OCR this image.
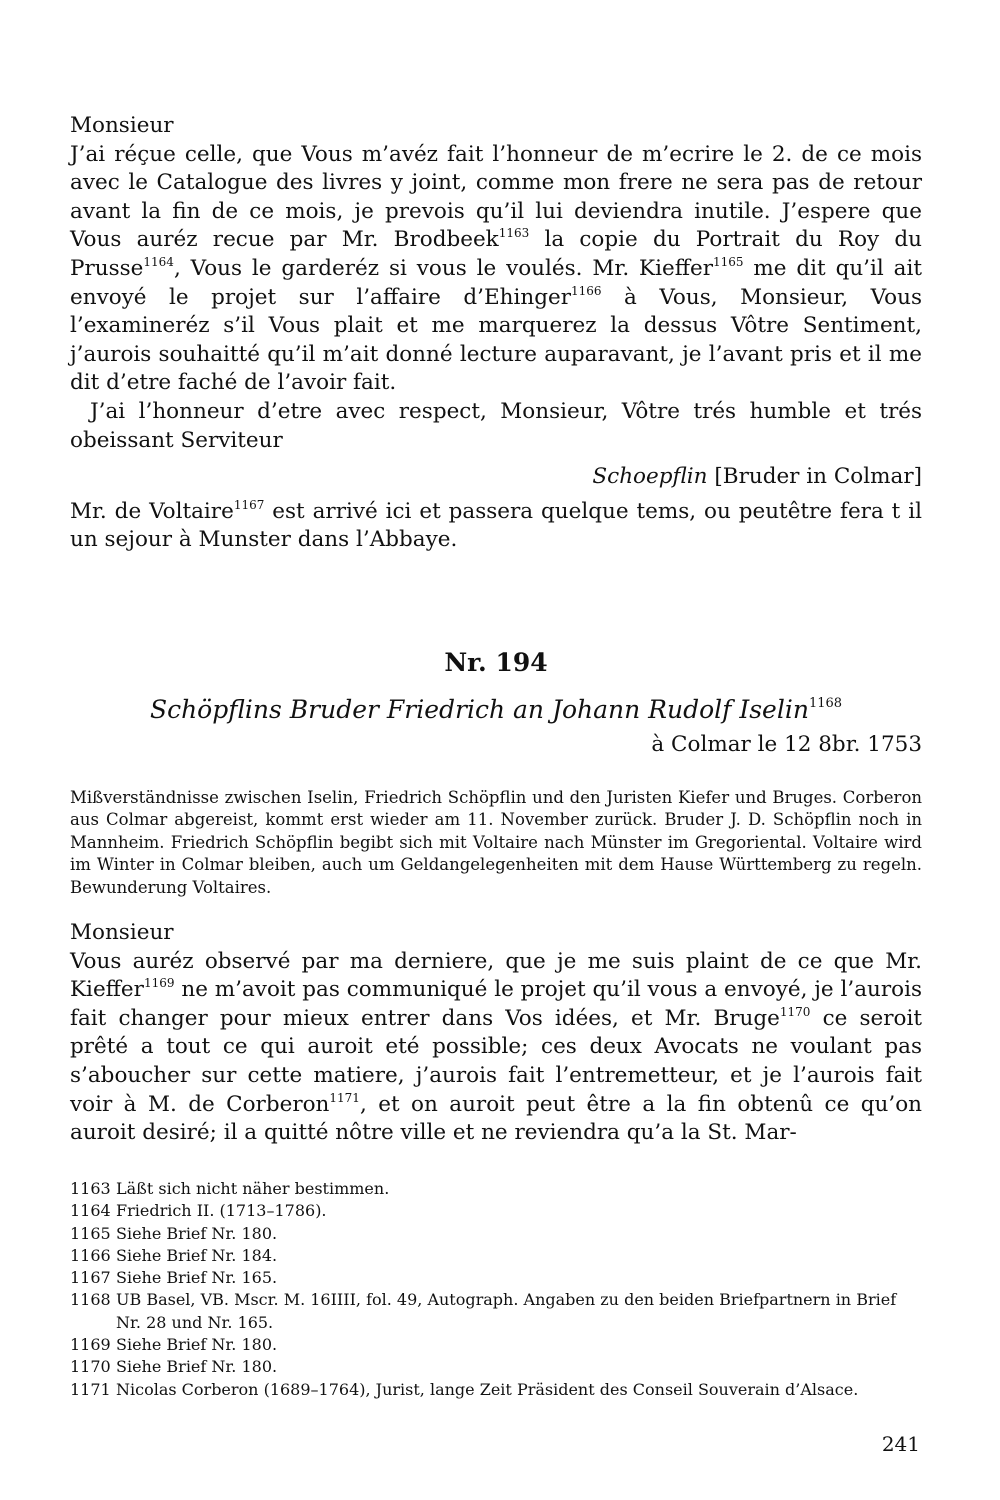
Monsieur

J’ai réçue celle, que Vous m’avéz fait l’honneur de m’ecrire le 2. de ce mois avec le Catalogue des livres y joint, comme mon frere ne sera pas de retour avant la fin de ce mois, je prevois qu’il lui deviendra inutile. J’espere que Vous auréz recue par Mr. Brodbeek$^{1163}$ la copie du Portrait du Roy du Prusse$^{1164}$, Vous le garderéz si vous le voulés. Mr. Kieffer$^{1165}$ me dit qu’il ait envoyé le projet sur l’affaire d’Ehinger$^{1166}$ à Vous, Monsieur, Vous l’examineréz s’il Vous plait et me marquerez la dessus Vôtre Sentiment, j’aurois souhaitté qu’il m’ait donné lecture auparavant, je l’avant pris et il me dit d’etre faché de l’avoir fait.

J’ai l’honneur d’etre avec respect, Monsieur, Vôtre trés humble et trés obeissant Serviteur

Schoepflin [Bruder in Colmar]

Mr. de Voltaire$^{1167}$ est arrivé ici et passera quelque tems, ou peutêtre fera t il un sejour à Munster dans l’Abbaye.

Nr. 194

Schöpflins Bruder Friedrich an Johann Rudolf Iselin$^{1168}$

à Colmar le 12 8br. 1753

Mißverständnisse zwischen Iselin, Friedrich Schöpflin und den Juristen Kiefer und Bruges. Corberon aus Colmar abgereist, kommt erst wieder am 11. November zurück. Bruder J. D. Schöpflin noch in Mannheim. Friedrich Schöpflin begibt sich mit Voltaire nach Münster im Gregoriental. Voltaire wird im Winter in Colmar bleiben, auch um Geldangelegenheiten mit dem Hause Württemberg zu regeln. Bewunderung Voltaires.

Monsieur

Vous auréz observé par ma derniere, que je me suis plaint de ce que Mr. Kieffer$^{1169}$ ne m’avoit pas communiqué le projet qu’il vous a envoyé, je l’aurois fait changer pour mieux entrer dans Vos idées, et Mr. Bruge$^{1170}$ ce seroit prêté a tout ce qui auroit eté possible; ces deux Avocats ne voulant pas s’aboucher sur cette matiere, j’aurois fait l’entremetteur, et je l’aurois fait voir à M. de Corberon$^{1171}$, et on auroit peut être a la fin obtenû ce qu’on auroit desiré; il a quitté nôtre ville et ne reviendra qu’a la St. Mar-

1163 Läßt sich nicht näher bestimmen.
1164 Friedrich II. (1713–1786).
1165 Siehe Brief Nr. 180.
1166 Siehe Brief Nr. 184.
1167 Siehe Brief Nr. 165.
1168 UB Basel, VB. Mscr. M. 16IIII, fol. 49, Autograph. Angaben zu den beiden Briefpartnern in Brief Nr. 28 und Nr. 165.
1169 Siehe Brief Nr. 180.
1170 Siehe Brief Nr. 180.
1171 Nicolas Corberon (1689–1764), Jurist, lange Zeit Präsident des Conseil Souverain d’Alsace.
241
